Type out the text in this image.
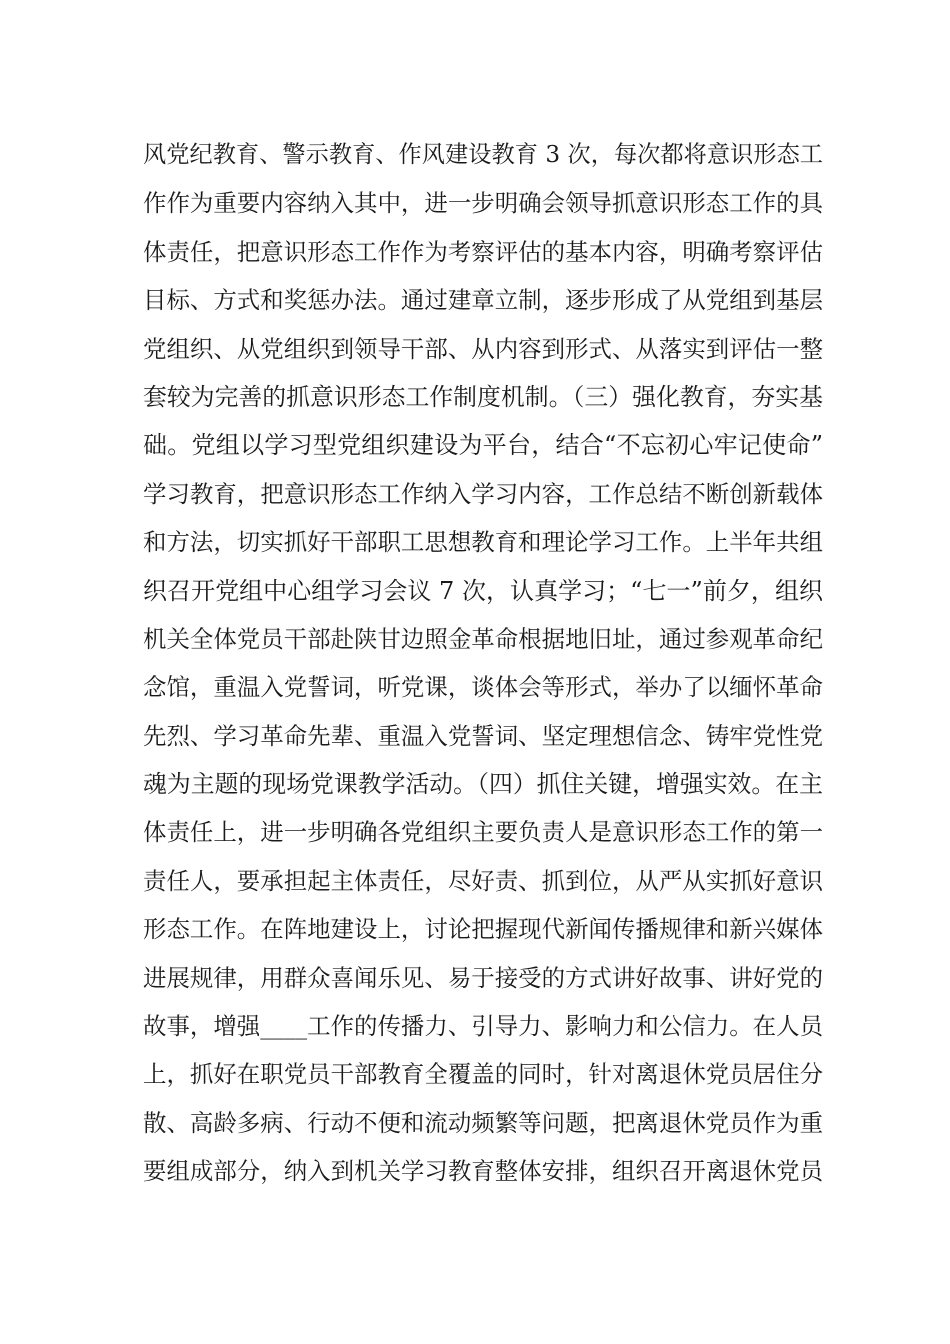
风党纪教育、警示教育、作风建设教育 3 次，每次都将意识形态工
作作为重要内容纳入其中，进一步明确会领导抓意识形态工作的具
体责任，把意识形态工作作为考察评估的基本内容，明确考察评估
目标、方式和奖惩办法。通过建章立制，逐步形成了从党组到基层
党组织、从党组织到领导干部、从内容到形式、从落实到评估一整
套较为完善的抓意识形态工作制度机制。（三）强化教育，夯实基
础。党组以学习型党组织建设为平台，结合“不忘初心牢记使命”
学习教育，把意识形态工作纳入学习内容，工作总结不断创新载体
和方法，切实抓好干部职工思想教育和理论学习工作。上半年共组
织召开党组中心组学习会议 7 次，认真学习；“七一”前夕，组织
机关全体党员干部赴陕甘边照金革命根据地旧址，通过参观革命纪
念馆，重温入党誓词，听党课，谈体会等形式，举办了以缅怀革命
先烈、学习革命先辈、重温入党誓词、坚定理想信念、铸牢党性党
魂为主题的现场党课教学活动。（四）抓住关键，增强实效。在主
体责任上，进一步明确各党组织主要负责人是意识形态工作的第一
责任人，要承担起主体责任，尽好责、抓到位，从严从实抓好意识
形态工作。在阵地建设上，讨论把握现代新闻传播规律和新兴媒体
进展规律，用群众喜闻乐见、易于接受的方式讲好故事、讲好党的
故事，增强____工作的传播力、引导力、影响力和公信力。在人员
上，抓好在职党员干部教育全覆盖的同时，针对离退休党员居住分
散、高龄多病、行动不便和流动频繁等问题，把离退休党员作为重
要组成部分，纳入到机关学习教育整体安排，组织召开离退休党员
